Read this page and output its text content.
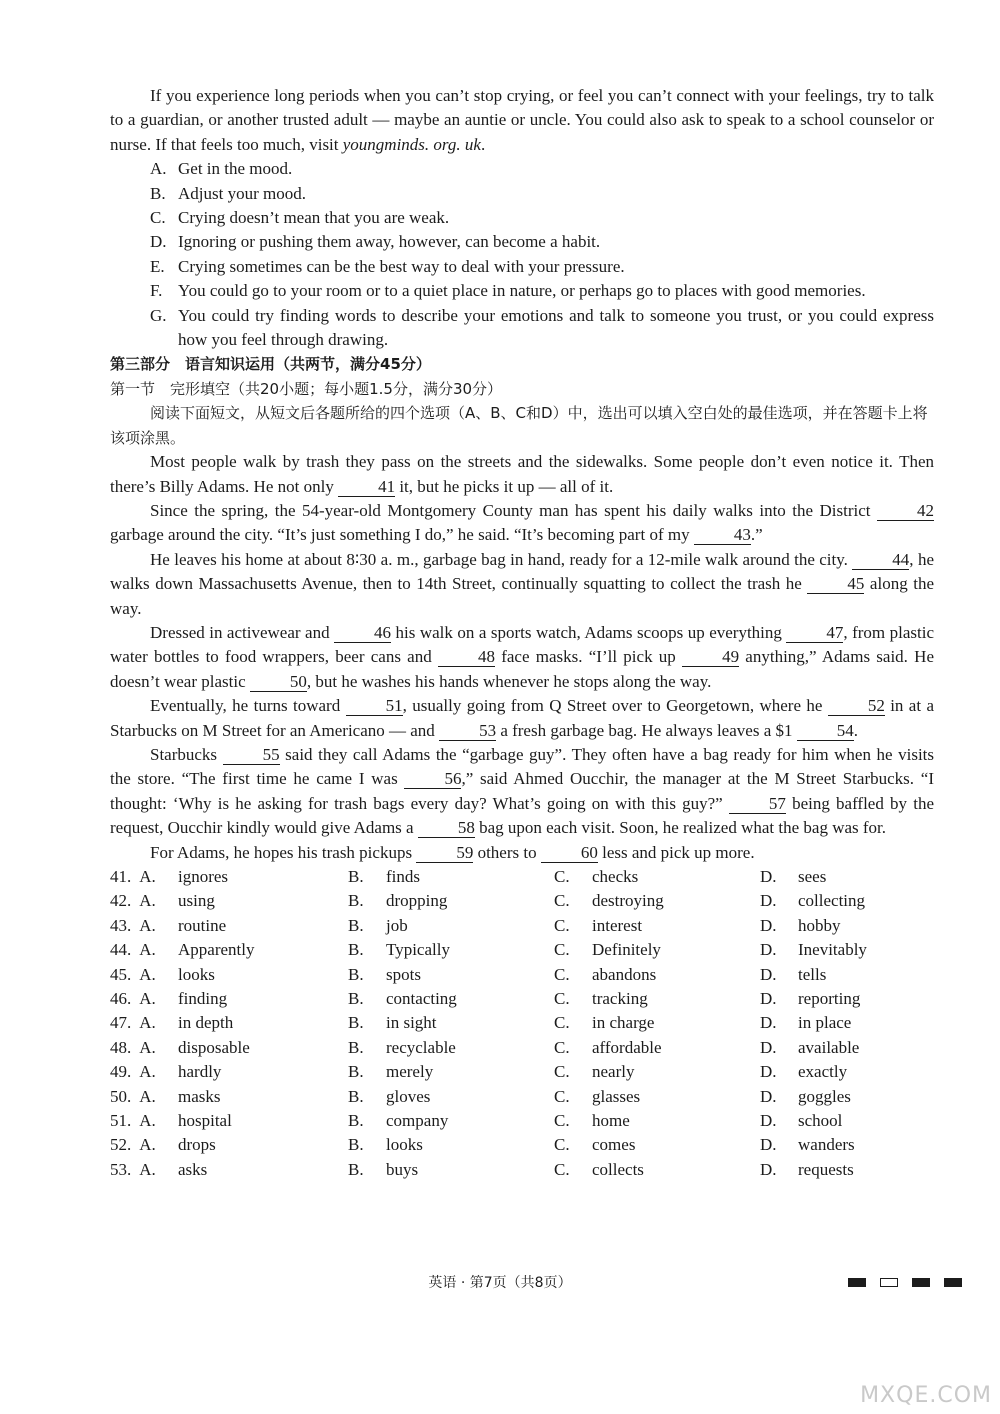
If you experience long periods when you can’t stop crying, or feel you can’t connect with your feelings, try to talk to a guardian, or another trusted adult — maybe an auntie or uncle. You could also ask to speak to a school counselor or nurse. If that feels too much, visit youngminds. org. uk.

A. Get in the mood.
B. Adjust your mood.
C. Crying doesn’t mean that you are weak.
D. Ignoring or pushing them away, however, can become a habit.
E. Crying sometimes can be the best way to deal with your pressure.
F. You could go to your room or to a quiet place in nature, or perhaps go to places with good memories.
G. You could try finding words to describe your emotions and talk to someone you trust, or you could express how you feel through drawing.

第三部分　语言知识运用（共两节，满分45分）

第一节　完形填空（共20小题；每小题1.5分，满分30分）

阅读下面短文，从短文后各题所给的四个选项（A、B、C和D）中，选出可以填入空白处的最佳选项，并在答题卡上将该项涂黑。

Most people walk by trash they pass on the streets and the sidewalks. Some people don’t even notice it. Then there’s Billy Adams. He not only 41 it, but he picks it up — all of it.

Since the spring, the 54-year-old Montgomery County man has spent his daily walks into the District 42 garbage around the city. “It’s just something I do,” he said. “It’s becoming part of my 43.”

He leaves his home at about 8∶30 a. m., garbage bag in hand, ready for a 12-mile walk around the city. 44, he walks down Massachusetts Avenue, then to 14th Street, continually squatting to collect the trash he 45 along the way.

Dressed in activewear and 46 his walk on a sports watch, Adams scoops up everything 47, from plastic water bottles to food wrappers, beer cans and 48 face masks. “I’ll pick up 49 anything,” Adams said. He doesn’t wear plastic 50, but he washes his hands whenever he stops along the way.

Eventually, he turns toward 51, usually going from Q Street over to Georgetown, where he 52 in at a Starbucks on M Street for an Americano — and 53 a fresh garbage bag. He always leaves a $1 54.

Starbucks 55 said they call Adams the “garbage guy”. They often have a bag ready for him when he visits the store. “The first time he came I was 56,” said Ahmed Oucchir, the manager at the M Street Starbucks. “I thought: ‘Why is he asking for trash bags every day? What’s going on with this guy?” 57 being baffled by the request, Oucchir kindly would give Adams a 58 bag upon each visit. Soon, he realized what the bag was for.

For Adams, he hopes his trash pickups 59 others to 60 less and pick up more.

41. A.	ignores	B.	finds	C.	checks	D.	sees
42. A.	using	B.	dropping	C.	destroying	D.	collecting
43. A.	routine	B.	job	C.	interest	D.	hobby
44. A.	Apparently	B.	Typically	C.	Definitely	D.	Inevitably
45. A.	looks	B.	spots	C.	abandons	D.	tells
46. A.	finding	B.	contacting	C.	tracking	D.	reporting
47. A.	in depth	B.	in sight	C.	in charge	D.	in place
48. A.	disposable	B.	recyclable	C.	affordable	D.	available
49. A.	hardly	B.	merely	C.	nearly	D.	exactly
50. A.	masks	B.	gloves	C.	glasses	D.	goggles
51. A.	hospital	B.	company	C.	home	D.	school
52. A.	drops	B.	looks	C.	comes	D.	wanders
53. A.	asks	B.	buys	C.	collects	D.	requests
英语 · 第7页（共8页）
MXQE.COM
